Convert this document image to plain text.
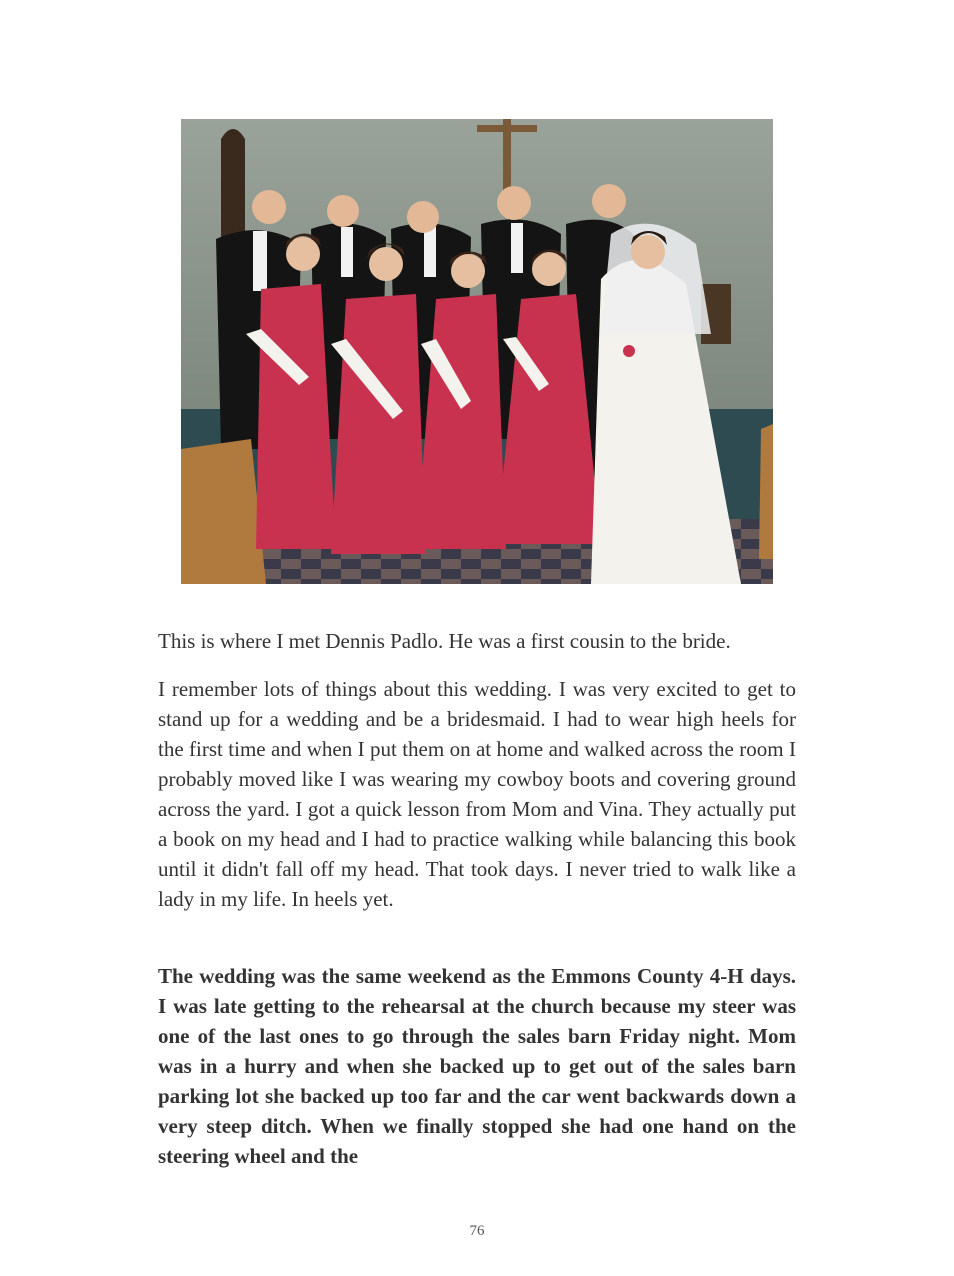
This is where I met Dennis Padlo. He was a first cousin to the bride.

I remember lots of things about this wedding. I was very excited to get to stand up for a wedding and be a bridesmaid. I had to wear high heels for the first time and when I put them on at home and walked across the room I probably moved like I was wearing my cowboy boots and covering ground across the yard. I got a quick lesson from Mom and Vina. They actually put a book on my head and I had to practice walking while balancing this book until it didn't fall off my head. That took days. I never tried to walk like a lady in my life. In heels yet.

The wedding was the same weekend as the Emmons County 4-H days. I was late getting to the rehearsal at the church because my steer was one of the last ones to go through the sales barn Friday night. Mom was in a hurry and when she backed up to get out of the sales barn parking lot she backed up too far and the car went backwards down a very steep ditch. When we finally stopped she had one hand on the steering wheel and the

76
